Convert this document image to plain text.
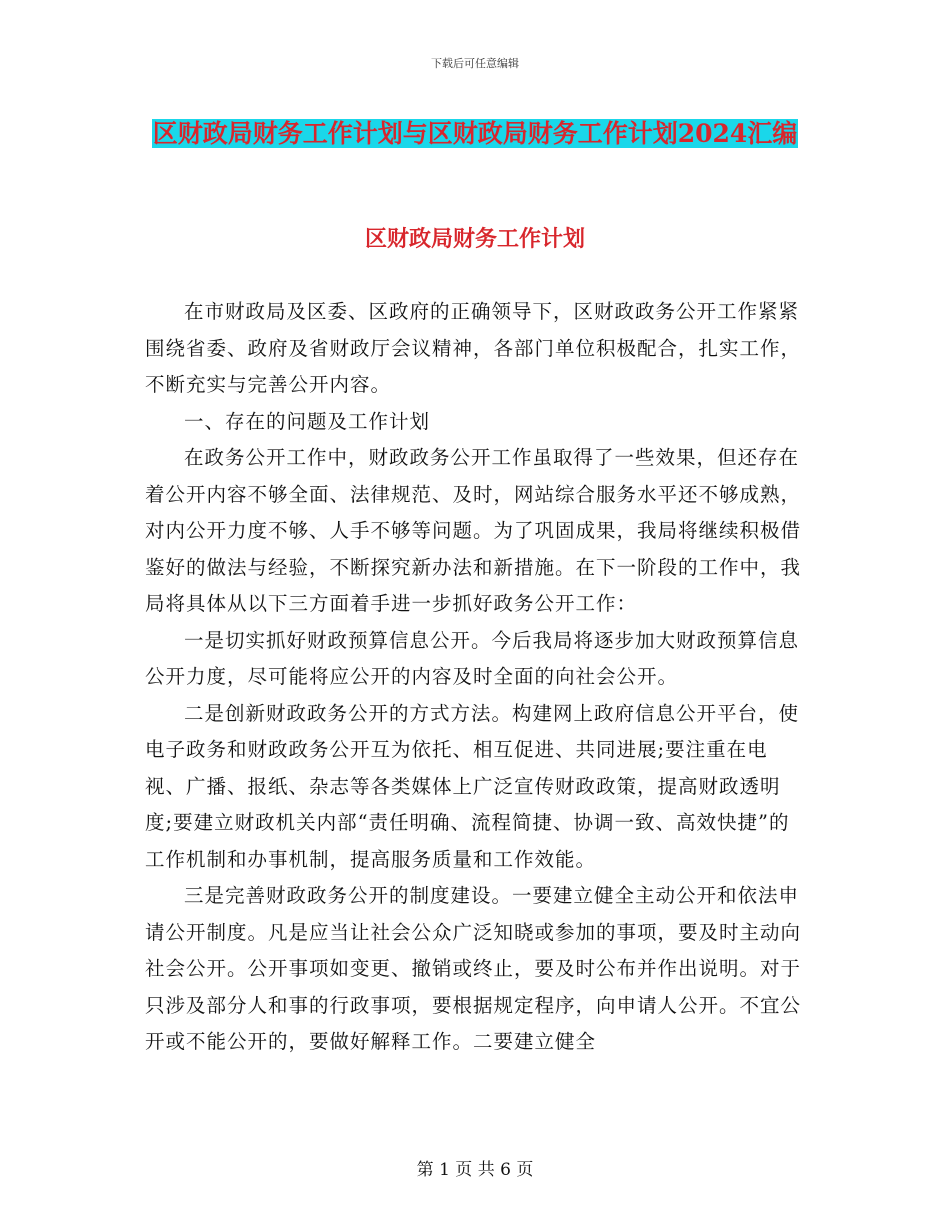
下载后可任意编辑
区财政局财务工作计划与区财政局财务工作计划2024汇编
区财政局财务工作计划

在市财政局及区委、区政府的正确领导下，区财政政务公开工作紧紧围绕省委、政府及省财政厅会议精神，各部门单位积极配合，扎实工作，不断充实与完善公开内容。

一、存在的问题及工作计划

在政务公开工作中，财政政务公开工作虽取得了一些效果，但还存在着公开内容不够全面、法律规范、及时，网站综合服务水平还不够成熟，对内公开力度不够、人手不够等问题。为了巩固成果，我局将继续积极借鉴好的做法与经验，不断探究新办法和新措施。在下一阶段的工作中，我局将具体从以下三方面着手进一步抓好政务公开工作：

一是切实抓好财政预算信息公开。今后我局将逐步加大财政预算信息公开力度，尽可能将应公开的内容及时全面的向社会公开。

二是创新财政政务公开的方式方法。构建网上政府信息公开平台，使电子政务和财政政务公开互为依托、相互促进、共同进展;要注重在电视、广播、报纸、杂志等各类媒体上广泛宣传财政政策，提高财政透明度;要建立财政机关内部“责任明确、流程简捷、协调一致、高效快捷”的工作机制和办事机制，提高服务质量和工作效能。

三是完善财政政务公开的制度建设。一要建立健全主动公开和依法申请公开制度。凡是应当让社会公众广泛知晓或参加的事项，要及时主动向社会公开。公开事项如变更、撤销或终止，要及时公布并作出说明。对于只涉及部分人和事的行政事项，要根据规定程序，向申请人公开。不宜公开或不能公开的，要做好解释工作。二要建立健全

第 1 页 共 6 页
